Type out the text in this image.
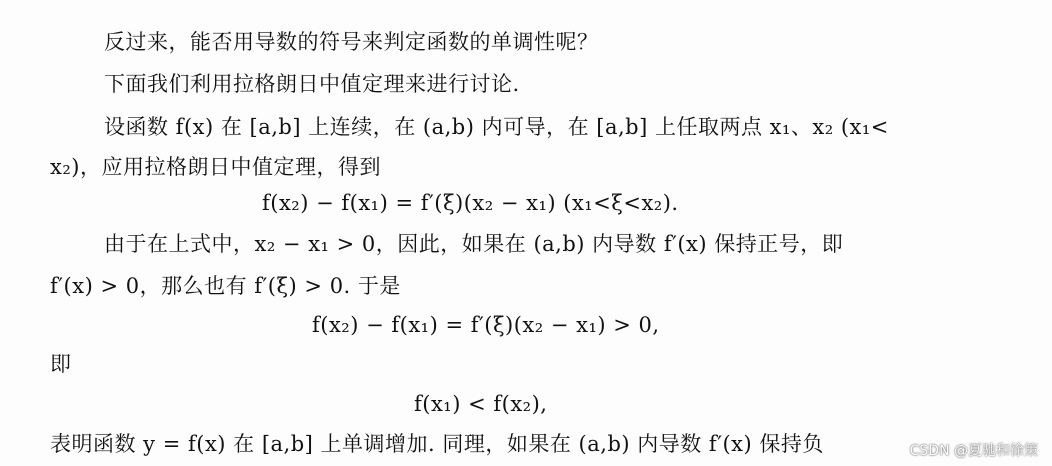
反过来，能否用导数的符号来判定函数的单调性呢？
下面我们利用拉格朗日中值定理来进行讨论.
设函数 f(x) 在 [a,b] 上连续，在 (a,b) 内可导，在 [a,b] 上任取两点 x₁、x₂ (x₁<
x₂)，应用拉格朗日中值定理，得到
f(x₂) − f(x₁) = f′(ξ)(x₂ − x₁) (x₁<ξ<x₂).
由于在上式中，x₂ − x₁ > 0，因此，如果在 (a,b) 内导数 f′(x) 保持正号，即
f′(x) > 0，那么也有 f′(ξ) > 0. 于是
f(x₂) − f(x₁) = f′(ξ)(x₂ − x₁) > 0,
即
f(x₁) < f(x₂),
表明函数 y = f(x) 在 [a,b] 上单调增加. 同理，如果在 (a,b) 内导数 f′(x) 保持负	CSDN @夏驰和徐策
